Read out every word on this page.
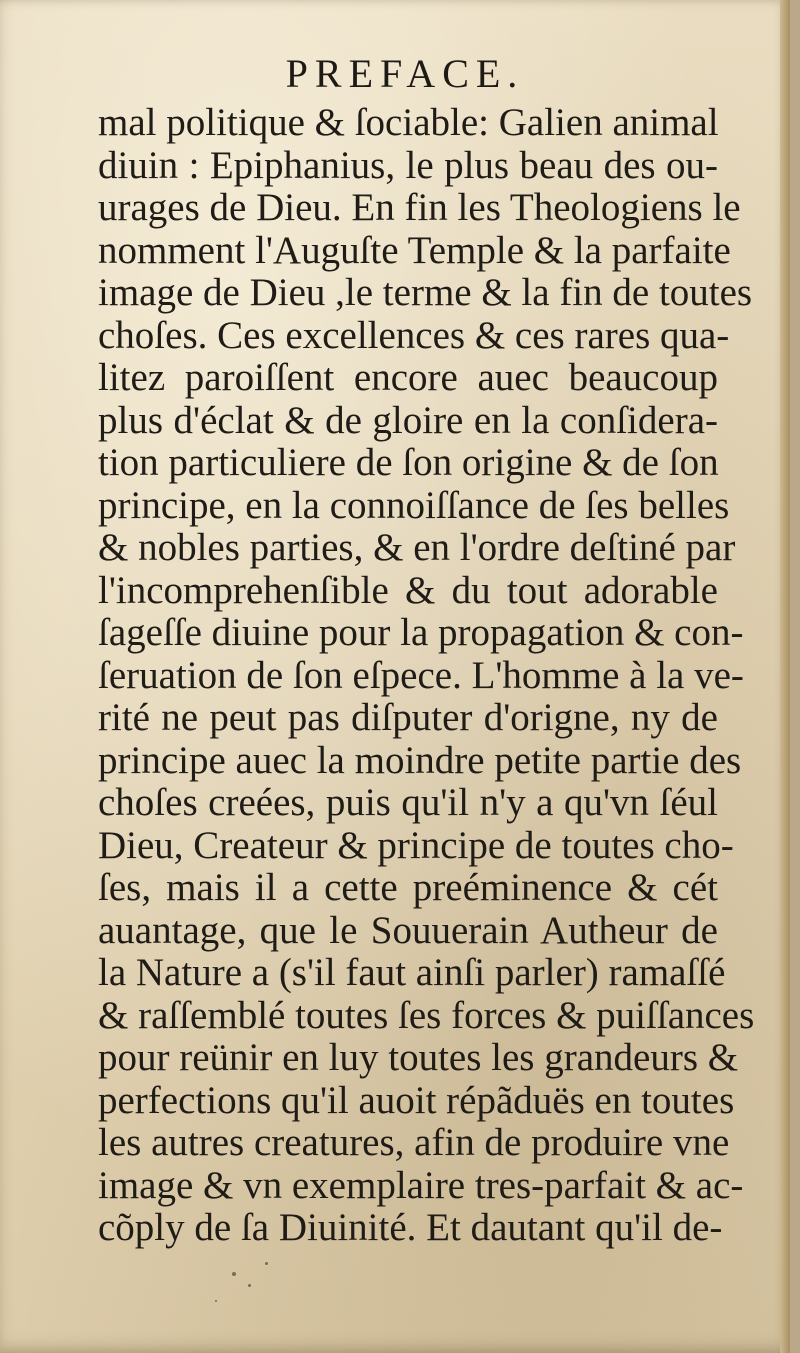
PREFACE.
mal politique & ſociable: Galien animal
diuin : Epiphanius, le plus beau des ou-
urages de Dieu. En fin les Theologiens le
nomment l'Auguſte Temple & la parfaite
image de Dieu ,le terme & la fin de toutes
choſes. Ces excellences & ces rares qua-
litez paroiſſent encore auec beaucoup
plus d'éclat & de gloire en la conſidera-
tion particuliere de ſon origine & de ſon
principe, en la connoiſſance de ſes belles
& nobles parties, & en l'ordre deſtiné par
l'incomprehenſible & du tout adorable
ſageſſe diuine pour la propagation & con-
ſeruation de ſon eſpece. L'homme à la ve-
rité ne peut pas diſputer d'origne, ny de
principe auec la moindre petite partie des
choſes creées, puis qu'il n'y a qu'vn ſéul
Dieu, Createur & principe de toutes cho-
ſes, mais il a cette preéminence & cét
auantage, que le Souuerain Autheur de
la Nature a (s'il faut ainſi parler) ramaſſé
& raſſemblé toutes ſes forces & puiſſances
pour reünir en luy toutes les grandeurs &
perfections qu'il auoit répãduës en toutes
les autres creatures, afin de produire vne
image & vn exemplaire tres-parfait & ac-
cõply de ſa Diuinité. Et dautant qu'il de-
